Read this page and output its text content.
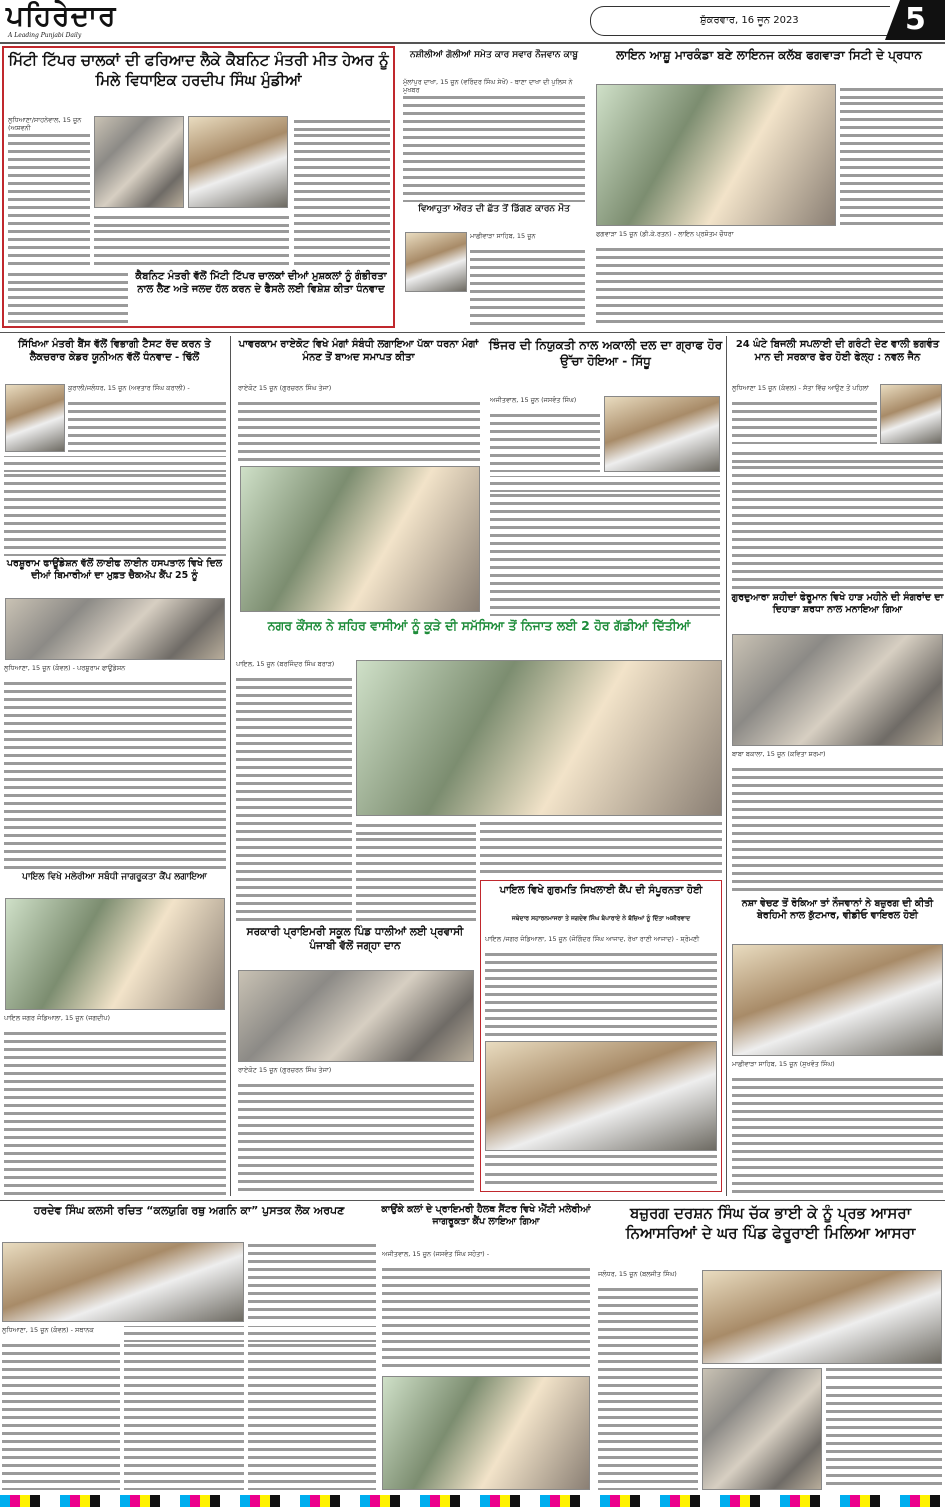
ਪਹਿਰੇਦਾਰ
A Leading Punjabi Daily
ਸ਼ੁੱਕਰਵਾਰ, 16 ਜੂਨ 2023	5
ਮਿੱਟੀ ਟਿੱਪਰ ਚਾਲਕਾਂ ਦੀ ਫਰਿਆਦ ਲੈਕੇ ਕੈਬਨਿਟ ਮੰਤਰੀ ਮੀਤ ਹੇਅਰ ਨੂੰ ਮਿਲੇ ਵਿਧਾਇਕ ਹਰਦੀਪ ਸਿੰਘ ਮੁੰਡੀਆਂ
ਲੁਧਿਆਣਾ/ਸਾਹਨੇਵਾਲ, 15 ਜੂਨ (ਅਸ਼ਵਨੀ
ਕੈਬਨਿਟ ਮੰਤਰੀ ਵੱਲੋਂ ਮਿੱਟੀ ਟਿੱਪਰ ਚਾਲਕਾਂ ਦੀਆਂ ਮੁਸ਼ਕਲਾਂ ਨੂੰ ਗੰਭੀਰਤਾ ਨਾਲ ਲੈਣ ਅਤੇ ਜਲਦ ਹੱਲ ਕਰਨ ਦੇ ਫੈਸਲੇ ਲਈ ਵਿਸ਼ੇਸ਼ ਕੀਤਾ ਧੰਨਵਾਦ
ਨਸ਼ੀਲੀਆਂ ਗੋਲੀਆਂ ਸਮੇਤ ਕਾਰ ਸਵਾਰ ਨੌਜਵਾਨ ਕਾਬੂ
ਮੁੱਲਾਂਪੁਰ ਦਾਖਾ, 15 ਜੂਨ (ਵਰਿੰਦਰ ਸਿੰਘ ਸੇਖੋਂ) - ਥਾਣਾ ਦਾਖਾ ਦੀ ਪੁਲਿਸ ਨੇ ਮੁਖਬਰ
ਵਿਆਹੁਤਾ ਔਰਤ ਦੀ ਛੱਤ ਤੋਂ ਡਿੱਗਣ ਕਾਰਨ ਮੌਤ
ਮਾਛੀਵਾੜਾ ਸਾਹਿਬ, 15 ਜੂਨ
ਲਾਇਨ ਆਸ਼ੂ ਮਾਰਕੰਡਾ ਬਣੇ ਲਾਇਨਜ ਕਲੱਬ ਫਗਵਾੜਾ ਸਿਟੀ ਦੇ ਪ੍ਰਧਾਨ
ਫਗਵਾੜਾ 15 ਜੂਨ (ਡੀ.ਕੇ.ਰਤਨ) - ਲਾਇਨ ਪ੍ਰਸ਼ੋਤਮ ਚੌਧਰਾ
ਸਿੱਖਿਆ ਮੰਤਰੀ ਬੈਂਸ ਵੱਲੋਂ ਵਿਭਾਗੀ ਟੈਸਟ ਰੱਦ ਕਰਨ ਤੇ ਲੈਕਚਰਾਰ ਕੇਡਰ ਯੂਨੀਅਨ ਵੱਲੋਂ ਧੰਨਵਾਦ - ਢਿੱਲੋਂ
ਕੁਰਾਲੀ/ਜਲੰਧਰ, 15 ਜੂਨ (ਅਵਤਾਰ ਸਿੰਘ ਕਰਾਲੀ) -
ਪਰਸ਼ੂਰਾਮ ਫਾਊਂਡੇਸ਼ਨ ਵੱਲੋਂ ਲਾਈਫ ਲਾਈਨ ਹਸਪਤਾਲ ਵਿਖੇ ਦਿਲ ਦੀਆਂ ਬਿਮਾਰੀਆਂ ਦਾ ਮੁਫ਼ਤ ਚੈਕਅੱਪ ਕੈਂਪ 25 ਨੂੰ
ਲੁਧਿਆਣਾ, 15 ਜੂਨ (ਕੰਵਲ) - ਪਰਸ਼ੂਰਾਮ ਫਾਊਂਡੇਸ਼ਨ
ਪਾਇਲ ਵਿਖੇ ਮਲੇਰੀਆ ਸਬੰਧੀ ਜਾਗਰੂਕਤਾ ਕੈਂਪ ਲਗਾਇਆ
ਪਾਇਲ ਜਗਰ ਜੰਡਿਆਲਾ, 15 ਜੂਨ (ਜਗਦੀਪ)
ਪਾਵਰਕਾਮ ਰਾਏਕੋਟ ਵਿਖੇ ਮੰਗਾਂ ਸੰਬੰਧੀ ਲਗਾਇਆ ਪੱਕਾ ਧਰਨਾ ਮੰਗਾਂ ਮੰਨਣ ਤੋਂ ਬਾਅਦ ਸਮਾਪਤ ਕੀਤਾ
ਰਾਏਕੋਟ 15 ਜੂਨ (ਗੁਰਚਰਨ ਸਿੰਘ ਤੇਜਾ)
ਝਿੰਜਰ ਦੀ ਨਿਯੁਕਤੀ ਨਾਲ ਅਕਾਲੀ ਦਲ ਦਾ ਗ੍ਰਾਫ ਹੋਰ ਉੱਚਾ ਹੋਇਆ - ਸਿੱਧੂ
ਅਜੀਤਵਾਲ, 15 ਜੂਨ (ਜਸਵੰਤ ਸਿੰਘ)
24 ਘੰਟੇ ਬਿਜਲੀ ਸਪਲਾਈ ਦੀ ਗਰੰਟੀ ਦੇਣ ਵਾਲੀ ਭਗਵੰਤ ਮਾਨ ਦੀ ਸਰਕਾਰ ਫੇਰ ਹੋਈ ਫੇਲ੍ਹ : ਨਵਲ ਜੈਨ
ਲੁਧਿਆਣਾ 15 ਜੂਨ (ਕੰਵਲ) - ਸੱਤਾ ਵਿੱਚ ਆਉਣ ਤੋਂ ਪਹਿਲਾਂ
ਗੁਰਦੁਆਰਾ ਸ਼ਹੀਦਾਂ ਫੇਰੂਮਾਨ ਵਿਖੇ ਹਾੜ ਮਹੀਨੇ ਦੀ ਸੰਗਰਾਂਦ ਦਾ ਦਿਹਾੜਾ ਸ਼ਰਧਾ ਨਾਲ ਮਨਾਇਆ ਗਿਆ
ਬਾਬਾ ਬਕਾਲਾ, 15 ਜੂਨ (ਕਵਿਤਾ ਸ਼ਰਮਾ)
ਨਸ਼ਾ ਵੇਚਣ ਤੋਂ ਰੋਕਿਆ ਤਾਂ ਨੌਜਵਾਨਾਂ ਨੇ ਬਜ਼ੁਰਗ ਦੀ ਕੀਤੀ ਬੇਰਹਿਮੀ ਨਾਲ ਕੁੱਟਮਾਰ, ਵੀਡੀਓ ਵਾਇਰਲ ਹੋਈ
ਮਾਛੀਵਾੜਾ ਸਾਹਿਬ, 15 ਜੂਨ (ਸੁਖਵੰਤ ਸਿੰਘ)
ਨਗਰ ਕੌਂਸਲ ਨੇ ਸ਼ਹਿਰ ਵਾਸੀਆਂ ਨੂੰ ਕੂੜੇ ਦੀ ਸਮੱਸਿਆ ਤੋਂ ਨਿਜਾਤ ਲਈ 2 ਹੋਰ ਗੱਡੀਆਂ ਦਿੱਤੀਆਂ
ਪਾਇਲ, 15 ਜੂਨ (ਬਰਜਿੰਦਰ ਸਿੰਘ ਬਰਾੜ)
ਪਾਇਲ ਵਿਖੇ ਗੁਰਮਤਿ ਸਿਖਲਾਈ ਕੈਂਪ ਦੀ ਸੰਪੂਰਨਤਾ ਹੋਈ
ਜਥੇਦਾਰ ਸਹਾਰਨਮਾਜਰਾ ਤੇ ਜਗਦੇਵ ਸਿੰਘ ਬੋਪਾਰਾਏ ਨੇ ਬੱਚਿਆਂ ਨੂੰ ਦਿੱਤਾ ਅਸ਼ੀਰਵਾਦ
ਪਾਇਲ /ਜਗਰ ਜੰਡਿਆਲਾ, 15 ਜੂਨ (ਜੋਗਿੰਦਰ ਸਿੰਘ ਆਜਾਦ, ਰੇਖਾ ਰਾਣੀ ਆਜਾਦ) - ਸ਼੍ਰੋਮਣੀ
ਸਰਕਾਰੀ ਪ੍ਰਾਇਮਰੀ ਸਕੂਲ ਪਿੰਡ ਧਾਲੀਆਂ ਲਈ ਪ੍ਰਵਾਸੀ ਪੰਜਾਬੀ ਵੱਲੋਂ ਜਗ੍ਹਾ ਦਾਨ
ਰਾਏਕੋਟ 15 ਜੂਨ (ਗੁਰਚਰਨ ਸਿੰਘ ਤੇਜਾ)
ਹਰਦੇਵ ਸਿੰਘ ਕਲਸੀ ਰਚਿਤ “ਕਲਯੁਗਿ ਰਥੁ ਅਗਨਿ ਕਾ” ਪੁਸਤਕ ਲੋਕ ਅਰਪਣ
ਲੁਧਿਆਣਾ, 15 ਜੂਨ (ਕੰਵਲ) - ਸਥਾਨਕ
ਕਾਉਂਕੇ ਕਲਾਂ ਦੇ ਪ੍ਰਾਇਮਰੀ ਹੈਲਥ ਸੈਂਟਰ ਵਿਖੇ ਐਂਟੀ ਮਲੇਰੀਆਂ ਜਾਗਰੂਕਤਾ ਕੈਂਪ ਲਾਇਆ ਗਿਆ
ਅਜੀਤਵਾਲ, 15 ਜੂਨ (ਜਸਵੰਤ ਸਿੰਘ ਸਹੋਤਾ) -
ਬਜ਼ੁਰਗ ਦਰਸ਼ਨ ਸਿੰਘ ਚੱਕ ਭਾਈ ਕੇ ਨੂੰ ਪ੍ਰਭ ਆਸਰਾ ਨਿਆਸਰਿਆਂ ਦੇ ਘਰ ਪਿੰਡ ਫੇਰੂਰਾਈ ਮਿਲਿਆ ਆਸਰਾ
ਜਲੰਧਰ, 15 ਜੂਨ (ਬਲਜੀਤ ਸਿੰਘ)
